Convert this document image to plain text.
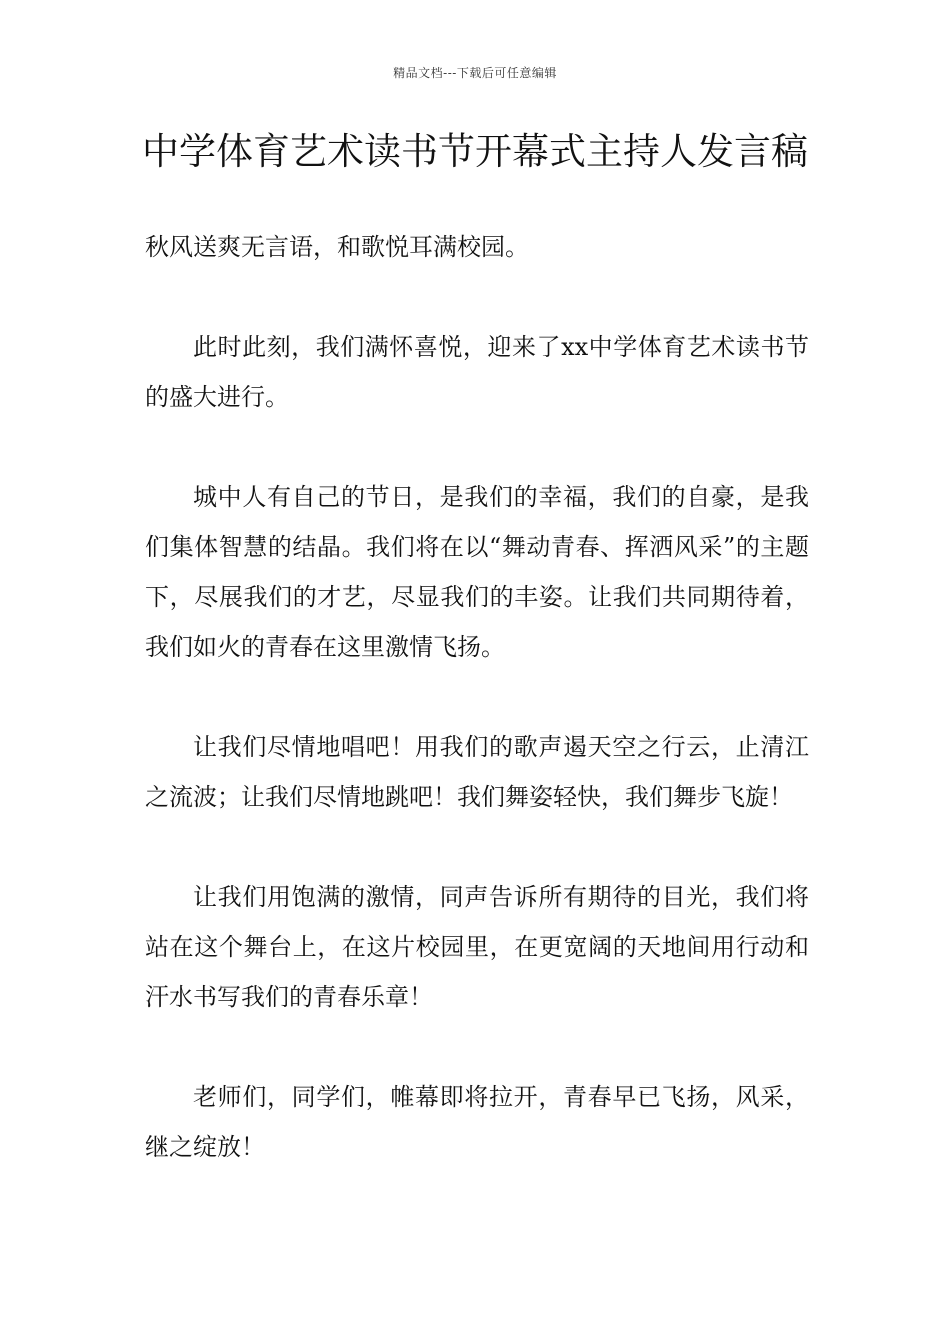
精品文档---下载后可任意编辑
中学体育艺术读书节开幕式主持人发言稿

秋风送爽无言语，和歌悦耳满校园。

此时此刻，我们满怀喜悦，迎来了xx中学体育艺术读书节的盛大进行。

城中人有自己的节日，是我们的幸福，我们的自豪，是我们集体智慧的结晶。我们将在以“舞动青春、挥洒风采”的主题下，尽展我们的才艺，尽显我们的丰姿。让我们共同期待着，我们如火的青春在这里激情飞扬。

让我们尽情地唱吧！用我们的歌声遏天空之行云，止清江之流波；让我们尽情地跳吧！我们舞姿轻快，我们舞步飞旋！

让我们用饱满的激情，同声告诉所有期待的目光，我们将站在这个舞台上，在这片校园里，在更宽阔的天地间用行动和汗水书写我们的青春乐章！

老师们，同学们，帷幕即将拉开，青春早已飞扬，风采，继之绽放！
